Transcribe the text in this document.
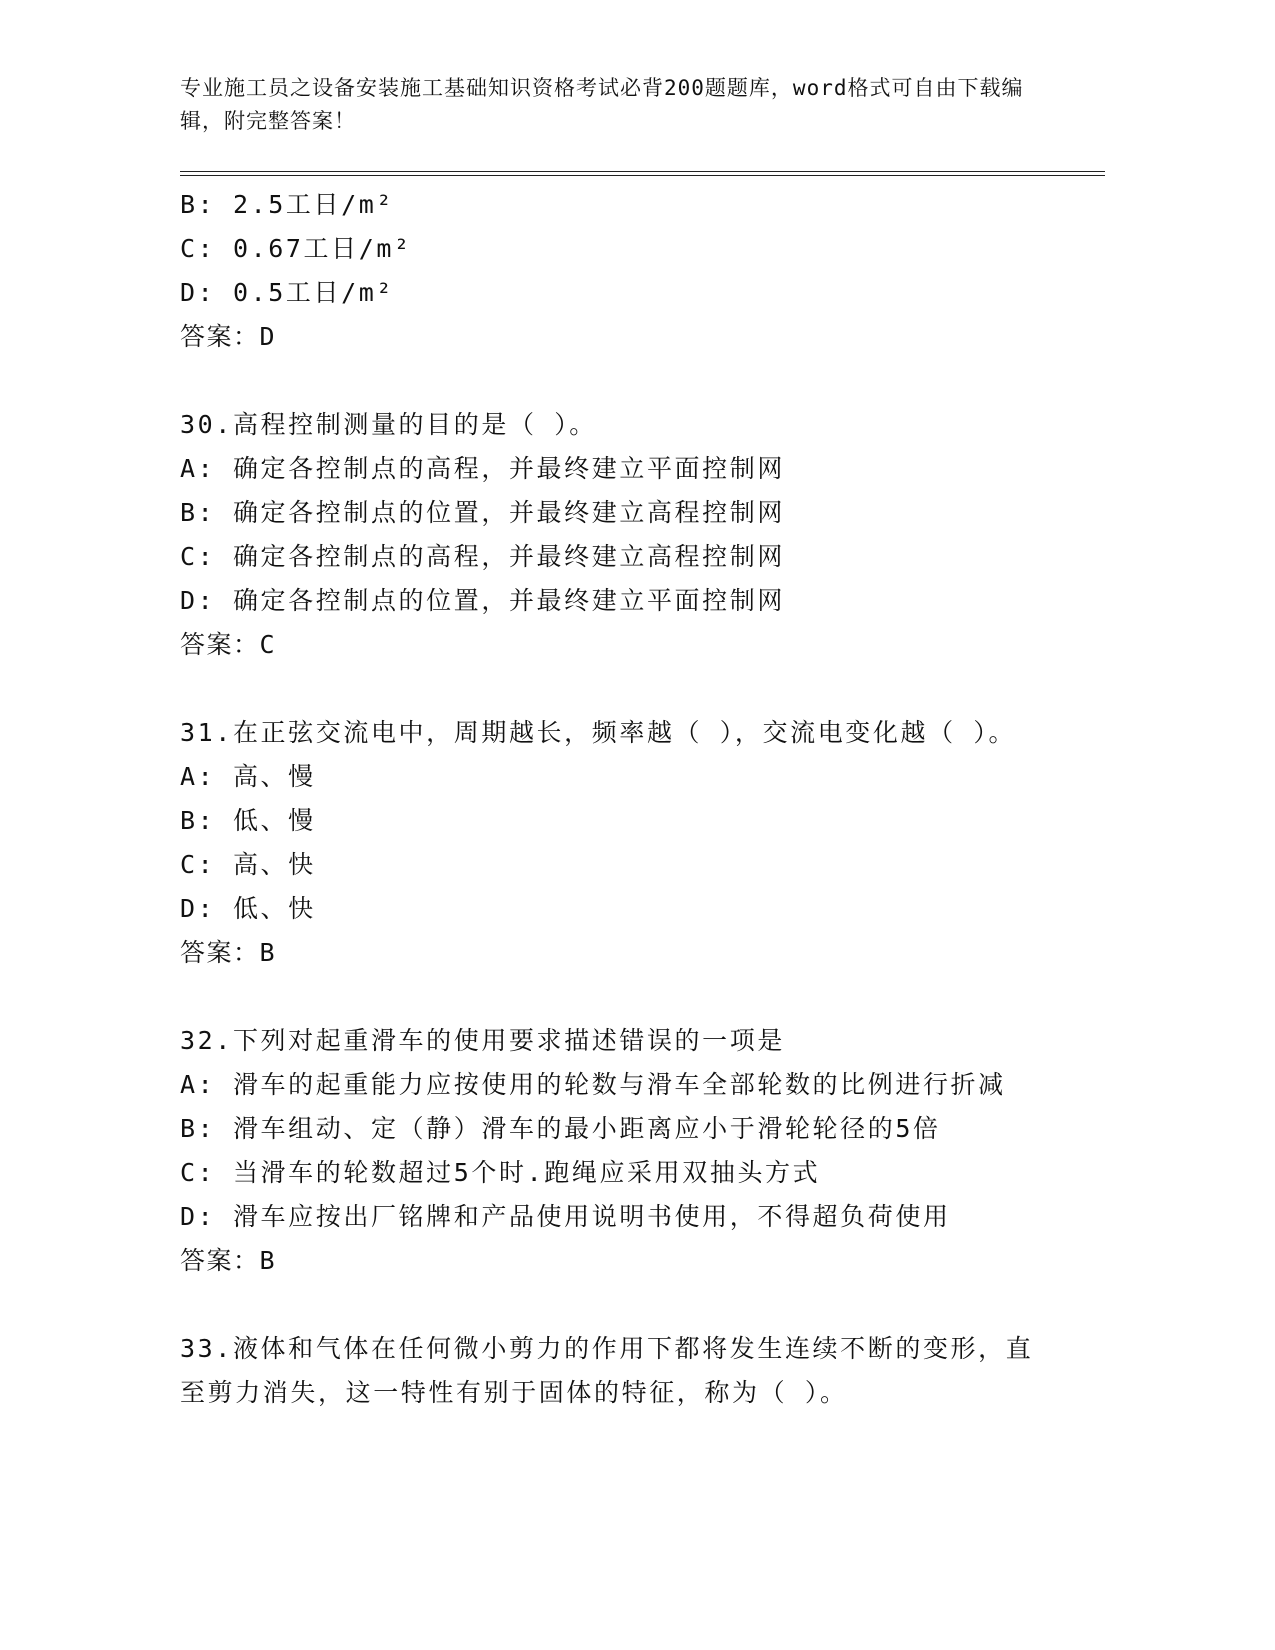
专业施工员之设备安装施工基础知识资格考试必背200题题库，word格式可自由下载编辑，附完整答案！
B: 2.5工日/m²
C: 0.67工日/m²
D: 0.5工日/m²
答案：D
30.高程控制测量的目的是（ ）。
A: 确定各控制点的高程，并最终建立平面控制网
B: 确定各控制点的位置，并最终建立高程控制网
C: 确定各控制点的高程，并最终建立高程控制网
D: 确定各控制点的位置，并最终建立平面控制网
答案：C
31.在正弦交流电中，周期越长，频率越（ ），交流电变化越（ ）。
A: 高、慢
B: 低、慢
C: 高、快
D: 低、快
答案：B
32.下列对起重滑车的使用要求描述错误的一项是
A: 滑车的起重能力应按使用的轮数与滑车全部轮数的比例进行折减
B: 滑车组动、定（静）滑车的最小距离应小于滑轮轮径的5倍
C: 当滑车的轮数超过5个时.跑绳应采用双抽头方式
D: 滑车应按出厂铭牌和产品使用说明书使用，不得超负荷使用
答案：B
33.液体和气体在任何微小剪力的作用下都将发生连续不断的变形，直
至剪力消失，这一特性有别于固体的特征，称为（ ）。
